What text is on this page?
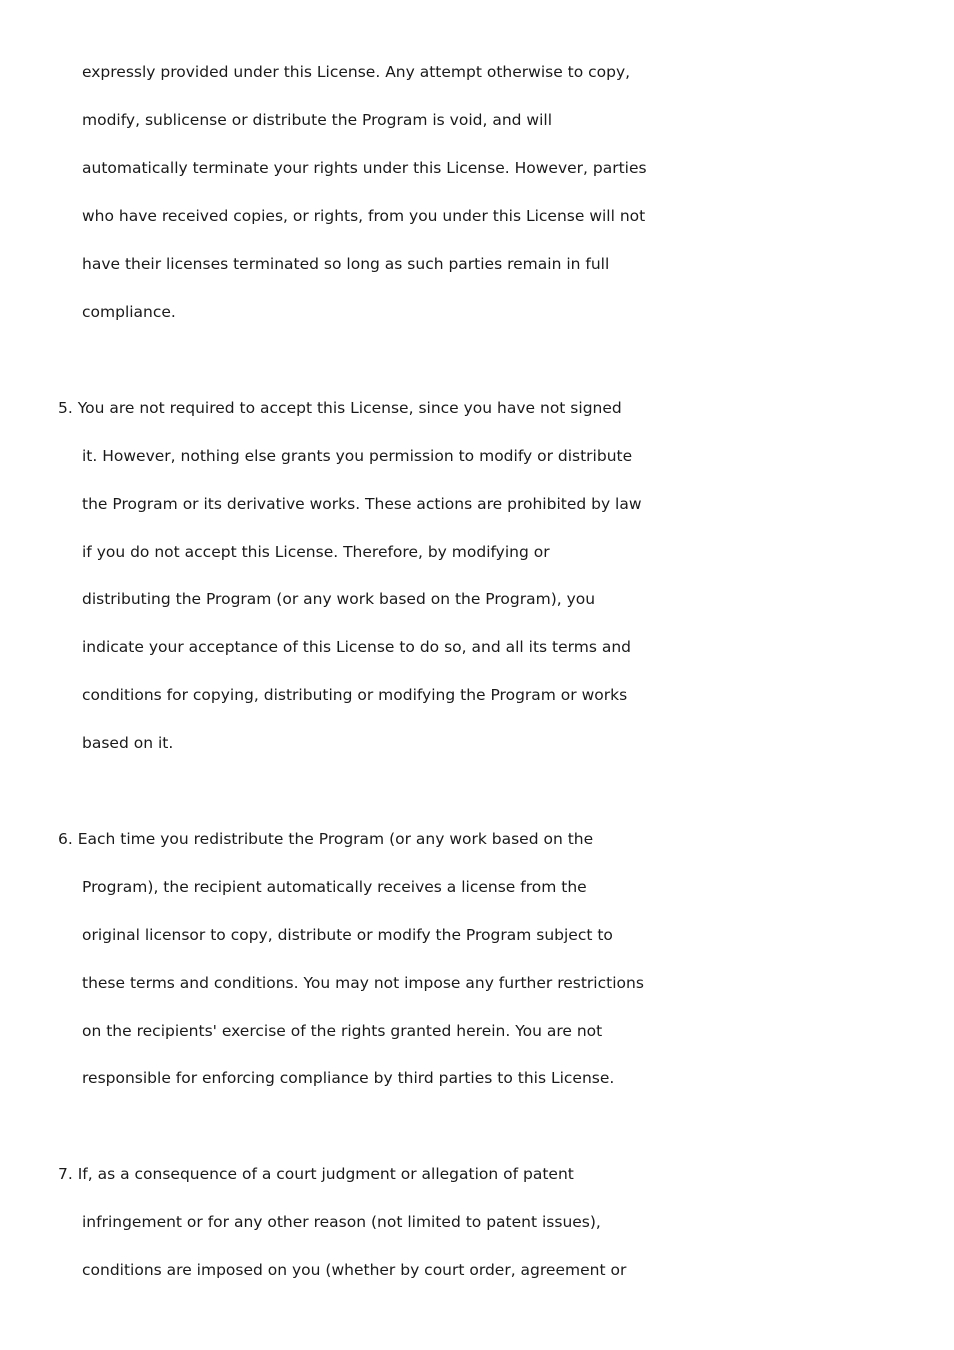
expressly provided under this License. Any attempt otherwise to copy,
modify, sublicense or distribute the Program is void, and will
automatically terminate your rights under this License. However, parties
who have received copies, or rights, from you under this License will not
have their licenses terminated so long as such parties remain in full
compliance.
5. You are not required to accept this License, since you have not signed
it. However, nothing else grants you permission to modify or distribute
the Program or its derivative works. These actions are prohibited by law
if you do not accept this License. Therefore, by modifying or
distributing the Program (or any work based on the Program), you
indicate your acceptance of this License to do so, and all its terms and
conditions for copying, distributing or modifying the Program or works
based on it.
6. Each time you redistribute the Program (or any work based on the
Program), the recipient automatically receives a license from the
original licensor to copy, distribute or modify the Program subject to
these terms and conditions. You may not impose any further restrictions
on the recipients' exercise of the rights granted herein. You are not
responsible for enforcing compliance by third parties to this License.
7. If, as a consequence of a court judgment or allegation of patent
infringement or for any other reason (not limited to patent issues),
conditions are imposed on you (whether by court order, agreement or
